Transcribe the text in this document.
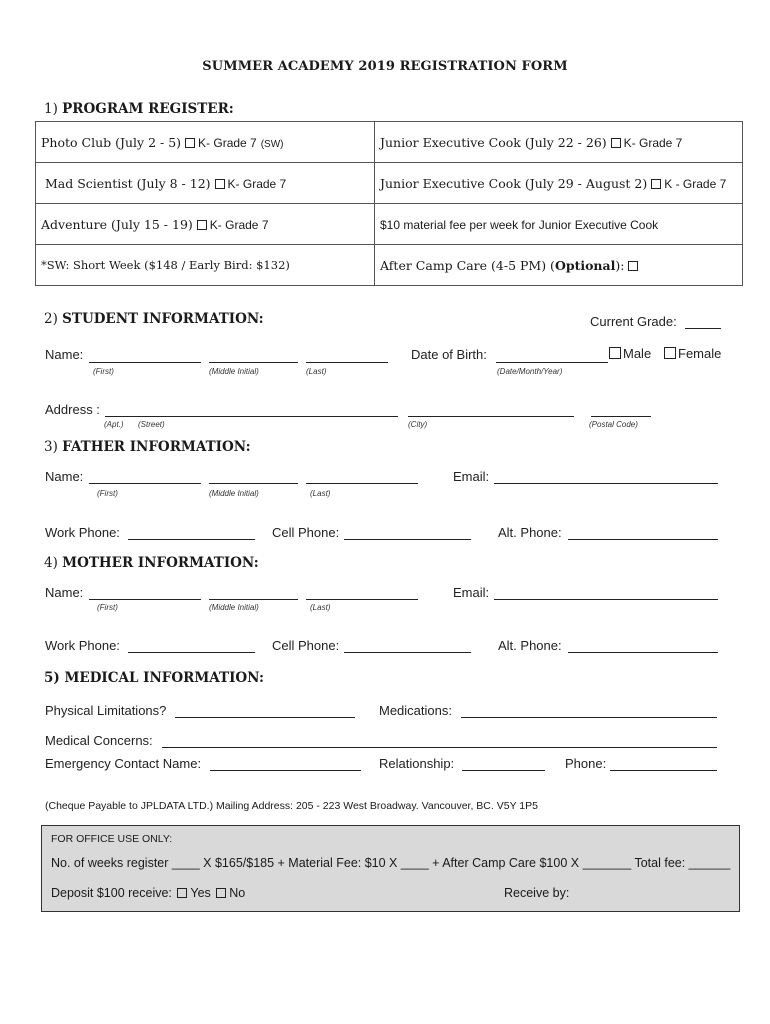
SUMMER ACADEMY 2019 REGISTRATION FORM
1) PROGRAM REGISTER:
Photo Club (July 2 - 5) K- Grade 7 (SW)	Junior Executive Cook (July 22 - 26) K- Grade 7
Mad Scientist (July 8 - 12) K- Grade 7	Junior Executive Cook (July 29 - August 2) K - Grade 7
Adventure (July 15 - 19) K- Grade 7	$10 material fee per week for Junior Executive Cook
*SW: Short Week ($148 / Early Bird: $132)	After Camp Care (4-5 PM) (Optional):
2) STUDENT INFORMATION:	Current Grade:
Name:
(First)	(Middle Initial)	(Last)
Date of Birth:
(Date/Month/Year)
Male	Female
Address :
(Apt.) (Street)	(City)	(Postal Code)
3) FATHER INFORMATION:
Name:
(First)	(Middle Initial)	(Last)
Email:
Work Phone:	Cell Phone:	Alt. Phone:
4) MOTHER INFORMATION:
Name:
(First)	(Middle Initial)	(Last)
Email:
Work Phone:	Cell Phone:	Alt. Phone:
5) MEDICAL INFORMATION:
Physical Limitations?	Medications:
Medical Concerns:
Emergency Contact Name:	Relationship:	Phone:
(Cheque Payable to JPLDATA LTD.) Mailing Address: 205 - 223 West Broadway. Vancouver, BC. V5Y 1P5
FOR OFFICE USE ONLY:
No. of weeks register ____ X $165/$185 + Material Fee: $10 X ____ + After Camp Care $100 X _______ Total fee: ______
Deposit $100 receive: Yes No	Receive by:
